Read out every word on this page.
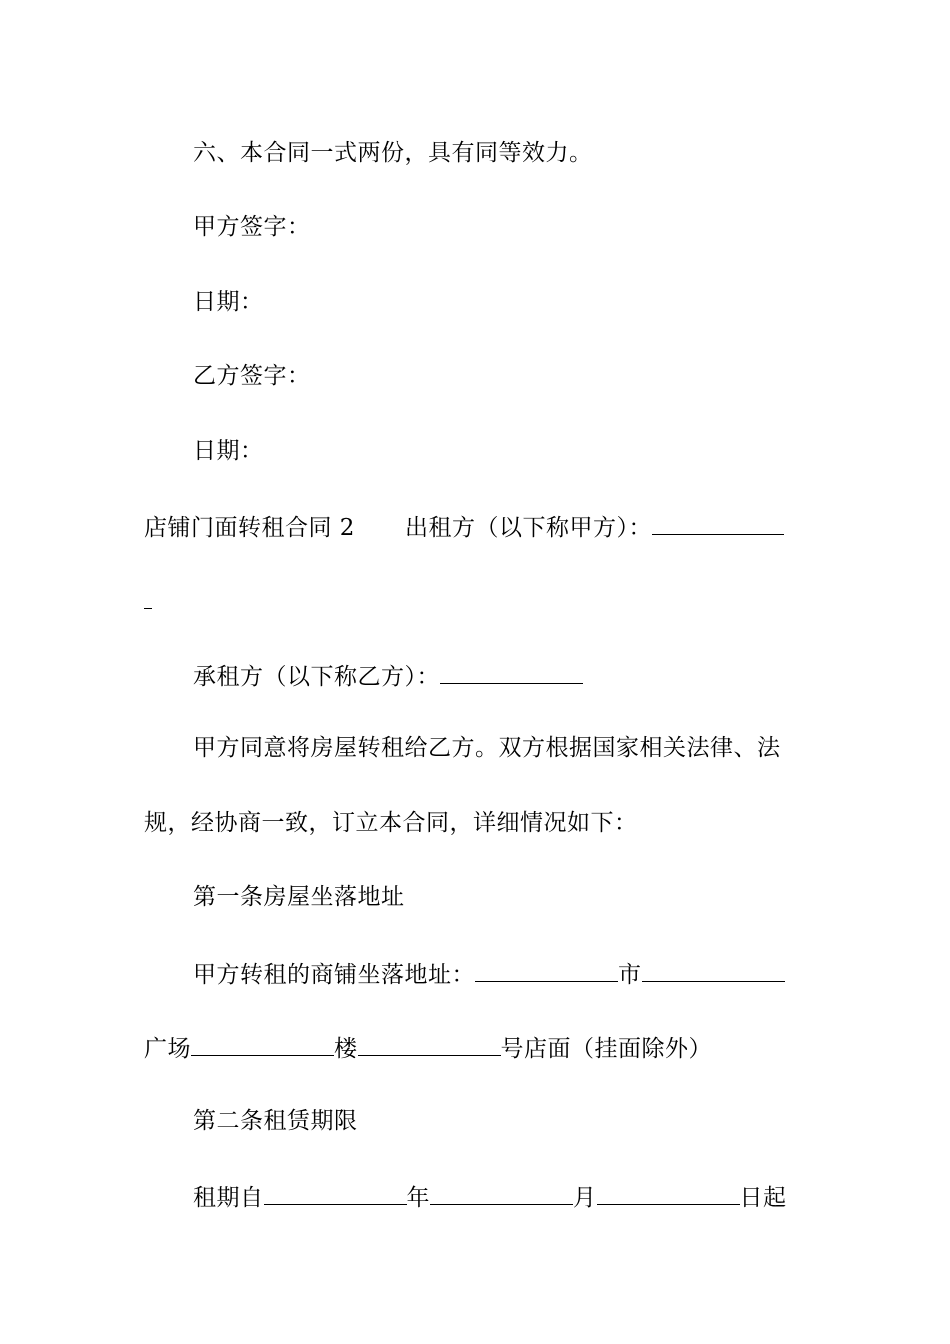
六、本合同一式两份，具有同等效力。
甲方签字：
日期：
乙方签字：
日期：
店铺门面转租合同 2 出租方（以下称甲方）：
承租方（以下称乙方）：
甲方同意将房屋转租给乙方。双方根据国家相关法律、法
规，经协商一致，订立本合同，详细情况如下：
第一条房屋坐落地址
甲方转租的商铺坐落地址：	市
广场	楼	号店面（挂面除外）
第二条租赁期限
租期自	年	月	日起
